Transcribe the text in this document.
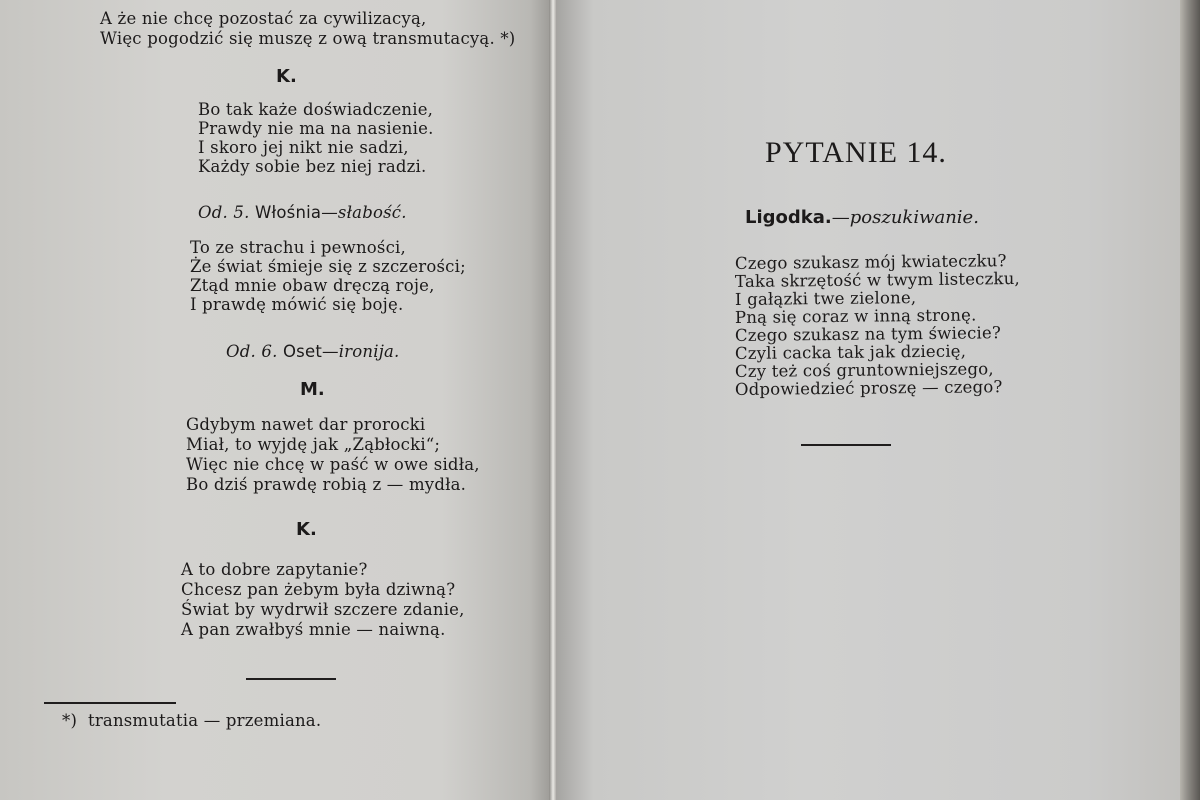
A że nie chcę pozostać za cywilizacyą,
Więc pogodzić się muszę z ową transmutacyą. *)
K.
Bo tak każe doświadczenie,
Prawdy nie ma na nasienie.
I skoro jej nikt nie sadzi,
Każdy sobie bez niej radzi.
Od. 5. Włośnia—słabość.
To ze strachu i pewności,
Że świat śmieje się z szczerości;
Ztąd mnie obaw dręczą roje,
I prawdę mówić się boję.
Od. 6. Oset—ironija.
M.
Gdybym nawet dar prorocki
Miał, to wyjdę jak „Ząbłocki“;
Więc nie chcę w paść w owe sidła,
Bo dziś prawdę robią z — mydła.
K.
A to dobre zapytanie?
Chcesz pan żebym była dziwną?
Świat by wydrwił szczere zdanie,
A pan zwałbyś mnie — naiwną.
*) transmutatia — przemiana.
PYTANIE 14.
Ligodka.—poszukiwanie.
Czego szukasz mój kwiateczku?
Taka skrzętość w twym listeczku,
I gałązki twe zielone,
Pną się coraz w inną stronę.
Czego szukasz na tym świecie?
Czyli cacka tak jak dziecię,
Czy też coś gruntowniejszego,
Odpowiedzieć proszę — czego?
